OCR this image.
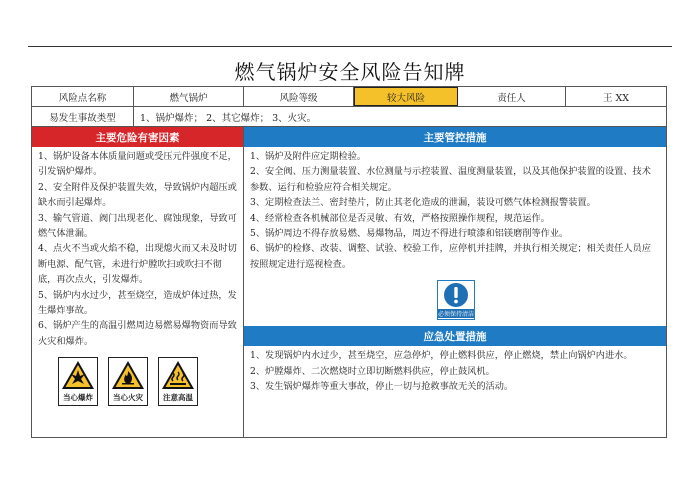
燃气锅炉安全风险告知牌
风险点名称	燃气锅炉	风险等级	较大风险	责任人	王 XX
易发生事故类型	1、锅炉爆炸； 2、其它爆炸； 3、火灾。
主要危险有害因素

1、锅炉设备本体质量问题或受压元件强度不足，引发锅炉爆炸。

2、安全附件及保护装置失效，导致锅炉内超压或缺水而引起爆炸。

3、输气管道、阀门出现老化、腐蚀现象，导致可燃气体泄漏。

4、点火不当或火焰不稳，出现熄火而又未及时切断电源、配气管，未进行炉膛吹扫或吹扫不彻底，再次点火，引发爆炸。

5、锅炉内水过少，甚至烧空，造成炉体过热，发生爆炸事故。

6、锅炉产生的高温引燃周边易燃易爆物资而导致火灾和爆炸。

当心爆炸	当心火灾	注意高温
主要管控措施

1、锅炉及附件应定期检验。

2、安全阀、压力测量装置、水位测量与示控装置、温度测量装置，以及其他保护装置的设置、技术参数、运行和检验应符合相关规定。

3、定期检查法兰、密封垫片，防止其老化造成的泄漏，装设可燃气体检测报警装置。

4、经常检查各机械部位是否灵敏、有效，严格按照操作规程，规范运作。

5、锅炉周边不得存放易燃、易爆物品，周边不得进行喷漆和铝镁磨削等作业。

6、锅炉的检修、改装、调整、试验、校验工作，应停机并挂牌，并执行相关规定；相关责任人员应按照规定进行巡视检查。

必须保持清洁
应急处置措施

1、发现锅炉内水过少，甚至烧空，应急停炉，停止燃料供应，停止燃烧，禁止向锅炉内进水。

2、炉膛爆炸、二次燃烧时立即切断燃料供应，停止鼓风机。

3、发生锅炉爆炸等重大事故，停止一切与抢救事故无关的活动。
